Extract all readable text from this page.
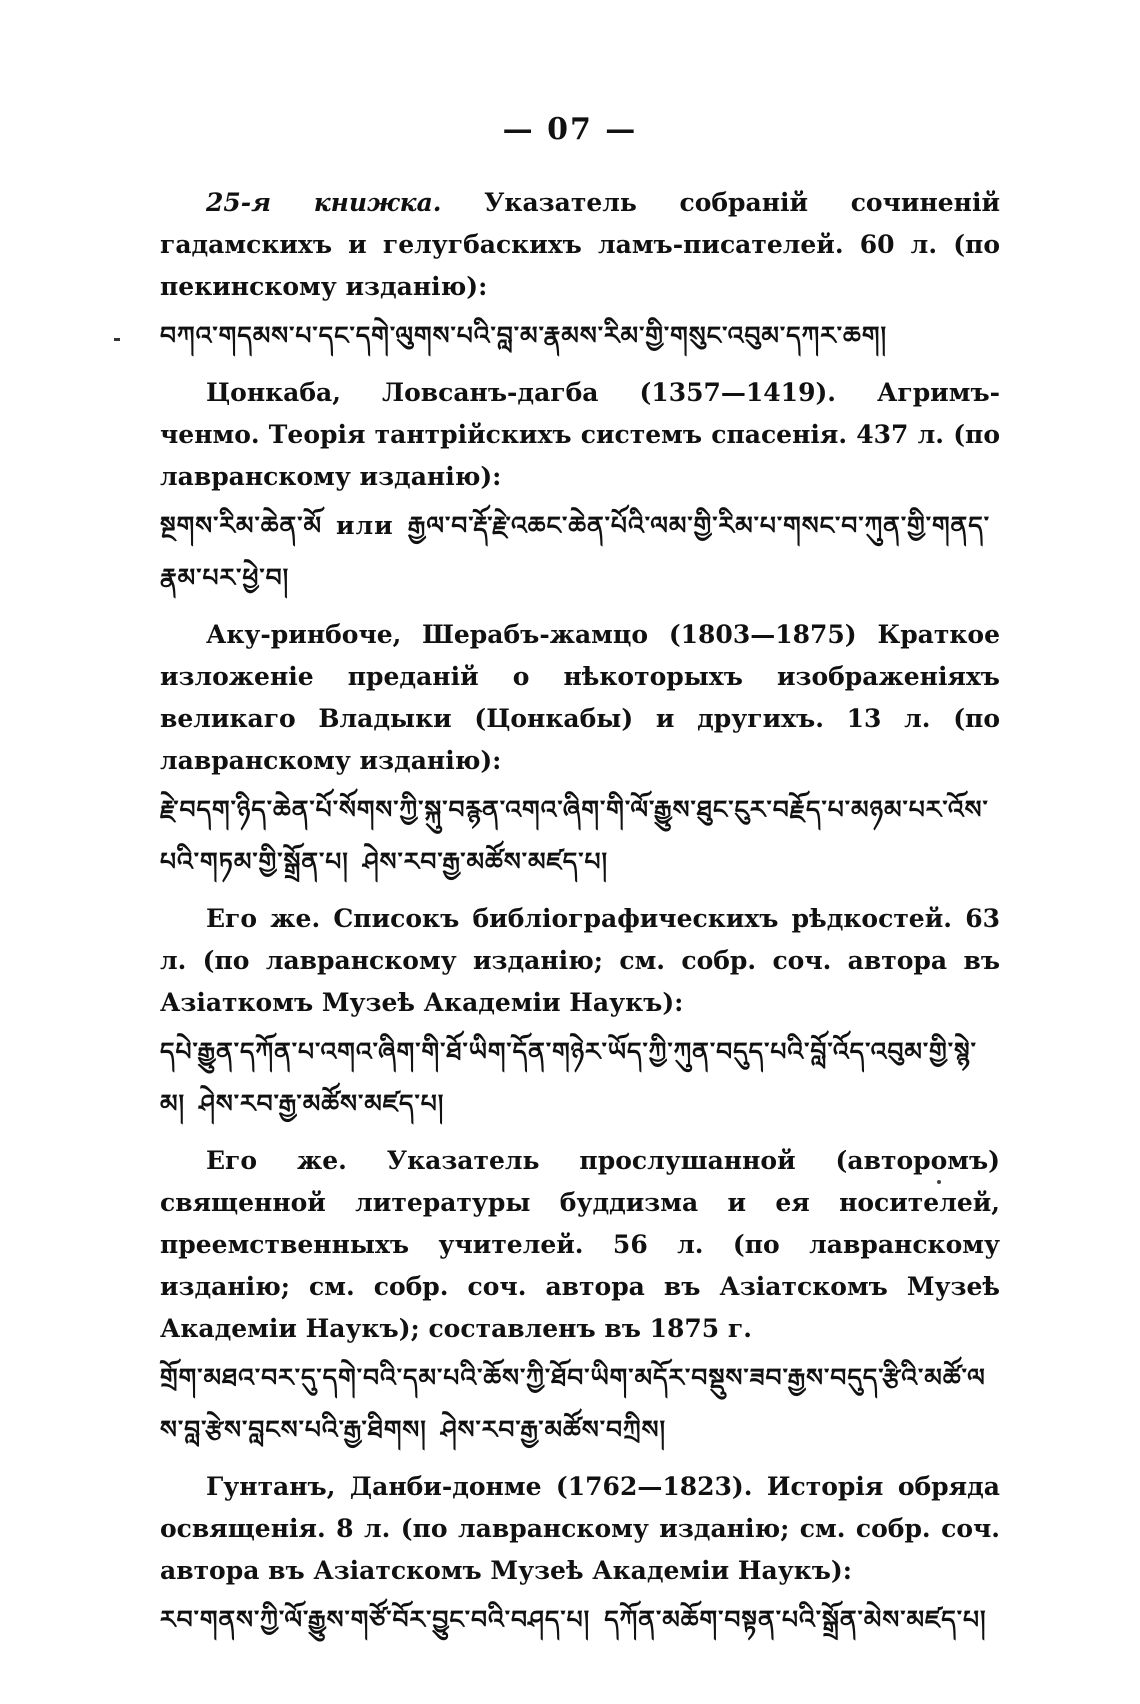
— 07 —

25-я книжка. Указатель собраній сочиненій гадамскихъ и гелугбаскихъ ламъ-писателей. 60 л. (по пекинскому изданію):

བཀའ་གདམས་པ་དང་དགེ་ལུགས་པའི་བླ་མ་རྣམས་རིམ་གྱི་གསུང་འབུམ་དཀར་ཆག།

Цонкаба, Ловсанъ-дагба (1357—1419). Агримъ-ченмо. Теорія тантрійскихъ системъ спасенія. 437 л. (по лавранскому изданію):

སྔགས་རིམ་ཆེན་མོ или རྒྱལ་བ་རྡོ་རྗེ་འཆང་ཆེན་པོའི་ལམ་གྱི་རིམ་པ་གསང་བ་ཀུན་གྱི་གནད་རྣམ་པར་ཕྱེ་བ།

Аку-ринбоче, Шерабъ-жамцо (1803—1875) Краткое изложеніе преданій о нѣкоторыхъ изображеніяхъ великаго Владыки (Цонкабы) и другихъ. 13 л. (по лавранскому изданію):

རྗེ་བདག་ཉིད་ཆེན་པོ་སོགས་ཀྱི་སྐུ་བརྙན་འགའ་ཞིག་གི་ལོ་རྒྱུས་ཐུང་ངུར་བརྗོད་པ་མཉམ་པར་འོས་པའི་གཏམ་གྱི་སྒྲོན་པ། ཤེས་རབ་རྒྱ་མཚོས་མཛད་པ།

Его же. Списокъ библіографическихъ рѣдкостей. 63 л. (по лавранскому изданію; см. собр. соч. автора въ Азіаткомъ Музеѣ Академіи Наукъ):

དཔེ་རྒྱུན་དཀོན་པ་འགའ་ཞིག་གི་ཐོ་ཡིག་དོན་གཉེར་ཡོད་ཀྱི་ཀུན་བདུད་པའི་བློ་འོད་འབུམ་གྱི་སྙེ་མ། ཤེས་རབ་རྒྱ་མཚོས་མཛད་པ།

Его же. Указатель прослушанной (авторомъ) священной литературы буддизма и ея носителей, преемственныхъ учителей. 56 л. (по лавранскому изданію; см. собр. соч. автора въ Азіатскомъ Музеѣ Академіи Наукъ); составленъ въ 1875 г.

གྲོག་མཐའ་བར་དུ་དགེ་བའི་དམ་པའི་ཆོས་ཀྱི་ཐོབ་ཡིག་མདོར་བསྡུས་ཟབ་རྒྱས་བདུད་རྩིའི་མཚོ་ལས་བླ་རྩེས་བླངས་པའི་རྒྱ་ཐིགས། ཤེས་རབ་རྒྱ་མཚོས་བཀྲིས།

Гунтанъ, Данби-донме (1762—1823). Исторія обряда освященія. 8 л. (по лавранскому изданію; см. собр. соч. автора въ Азіатскомъ Музеѣ Академіи Наукъ):

རབ་གནས་ཀྱི་ལོ་རྒྱུས་གཙོ་བོར་བྱུང་བའི་བཤད་པ། དཀོན་མཆོག་བསྟན་པའི་སྒྲོན་མེས་མཛད་པ།
